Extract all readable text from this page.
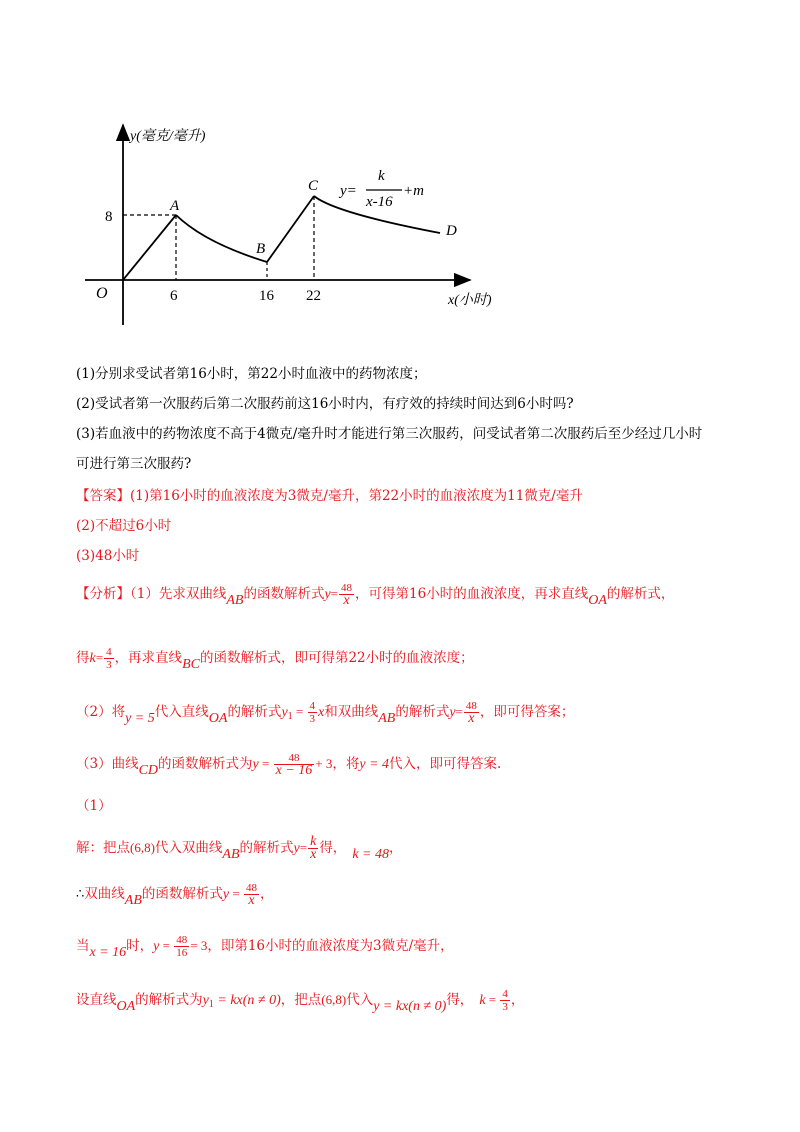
y(毫克/毫升)
x(小时)
O
8
6	16 22
A
B
C
D
y=
k
x-16
+m
(1)分别求受试者第16小时，第22小时血液中的药物浓度；
(2)受试者第一次服药后第二次服药前这16小时内，有疗效的持续时间达到6小时吗?
(3)若血液中的药物浓度不高于4微克/毫升时才能进行第三次服药，问受试者第二次服药后至少经过几小时
可进行第三次服药?
【答案】(1)第16小时的血液浓度为3微克/毫升，第22小时的血液浓度为11微克/毫升
(2)不超过6小时
(3)48小时
【分析】（1）先求双曲线AB的函数解析式$y= \frac{48}{x}$ ，可得第16小时的血液浓度，再求直线OA的解析式，
得$k= \frac{4}{3}$ ，再求直线BC的函数解析式，即可得第22小时的血液浓度；
（2）将y = 5代入直线OA的解析式$y_1 = \frac{4}{3}$ x和双曲线AB的解析式$y= \frac{48}{x}$ ，即可得答案；
（3）曲线CD的函数解析式为$y = \frac{48}{x - 16} + 3$，将y = 4代入，即可得答案.
（1）
解：把点(6,8)代入双曲线AB的解析式$y= \frac{k}{x}$ 得， k = 48，
∴双曲线AB的函数解析式$y = \frac{48}{x}$ ，
当x = 16时，$y = \frac{48}{16} = 3$，即第16小时的血液浓度为3微克/毫升，
设直线OA的解析式为$y_1 = kx(n \ne 0)$，把点(6,8)代入y = kx(n ≠ 0)得， $k = \frac{4}{3}$ ，
